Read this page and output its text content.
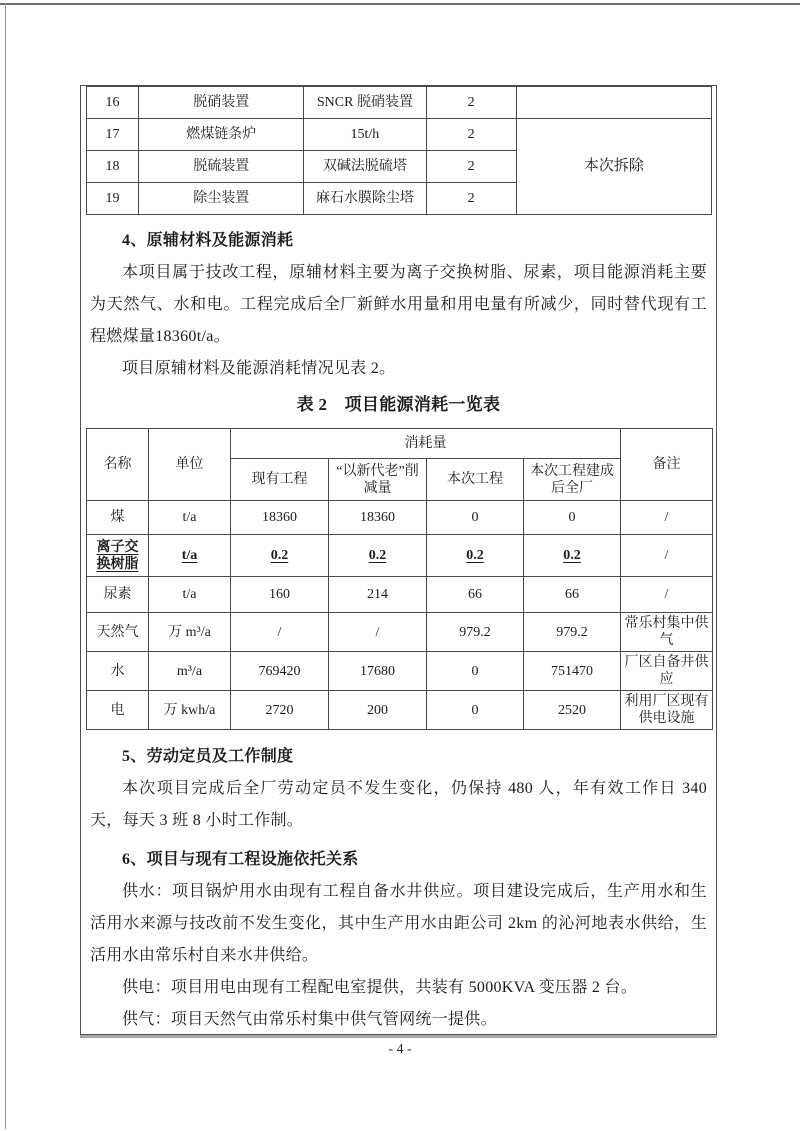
16	脱硝装置	SNCR 脱硝装置	2	
17	燃煤链条炉	15t/h	2	本次拆除
18	脱硫装置	双碱法脱硫塔	2	
19	除尘装置	麻石水膜除尘塔	2	
4、原辅材料及能源消耗
本项目属于技改工程，原辅材料主要为离子交换树脂、尿素，项目能源消耗主要为天然气、水和电。工程完成后全厂新鲜水用量和用电量有所减少，同时替代现有工程燃煤量18360t/a。
项目原辅材料及能源消耗情况见表 2。
表 2　项目能源消耗一览表
名称	单位	消耗量				备注
		现有工程	“以新代老”削减量	本次工程	本次工程建成后全厂	
煤	t/a	18360	18360	0	0	/
离子交换树脂	t/a	0.2	0.2	0.2	0.2	/
尿素	t/a	160	214	66	66	/
天然气	万 m³/a	/	/	979.2	979.2	常乐村集中供气
水	m³/a	769420	17680	0	751470	厂区自备井供应
电	万 kwh/a	2720	200	0	2520	利用厂区现有供电设施
5、劳动定员及工作制度
本次项目完成后全厂劳动定员不发生变化，仍保持 480 人，年有效工作日 340 天，每天 3 班 8 小时工作制。
6、项目与现有工程设施依托关系
供水：项目锅炉用水由现有工程自备水井供应。项目建设完成后，生产用水和生活用水来源与技改前不发生变化，其中生产用水由距公司 2km 的沁河地表水供给，生活用水由常乐村自来水井供给。
供电：项目用电由现有工程配电室提供，共装有 5000KVA 变压器 2 台。
供气：项目天然气由常乐村集中供气管网统一提供。
- 4 -
